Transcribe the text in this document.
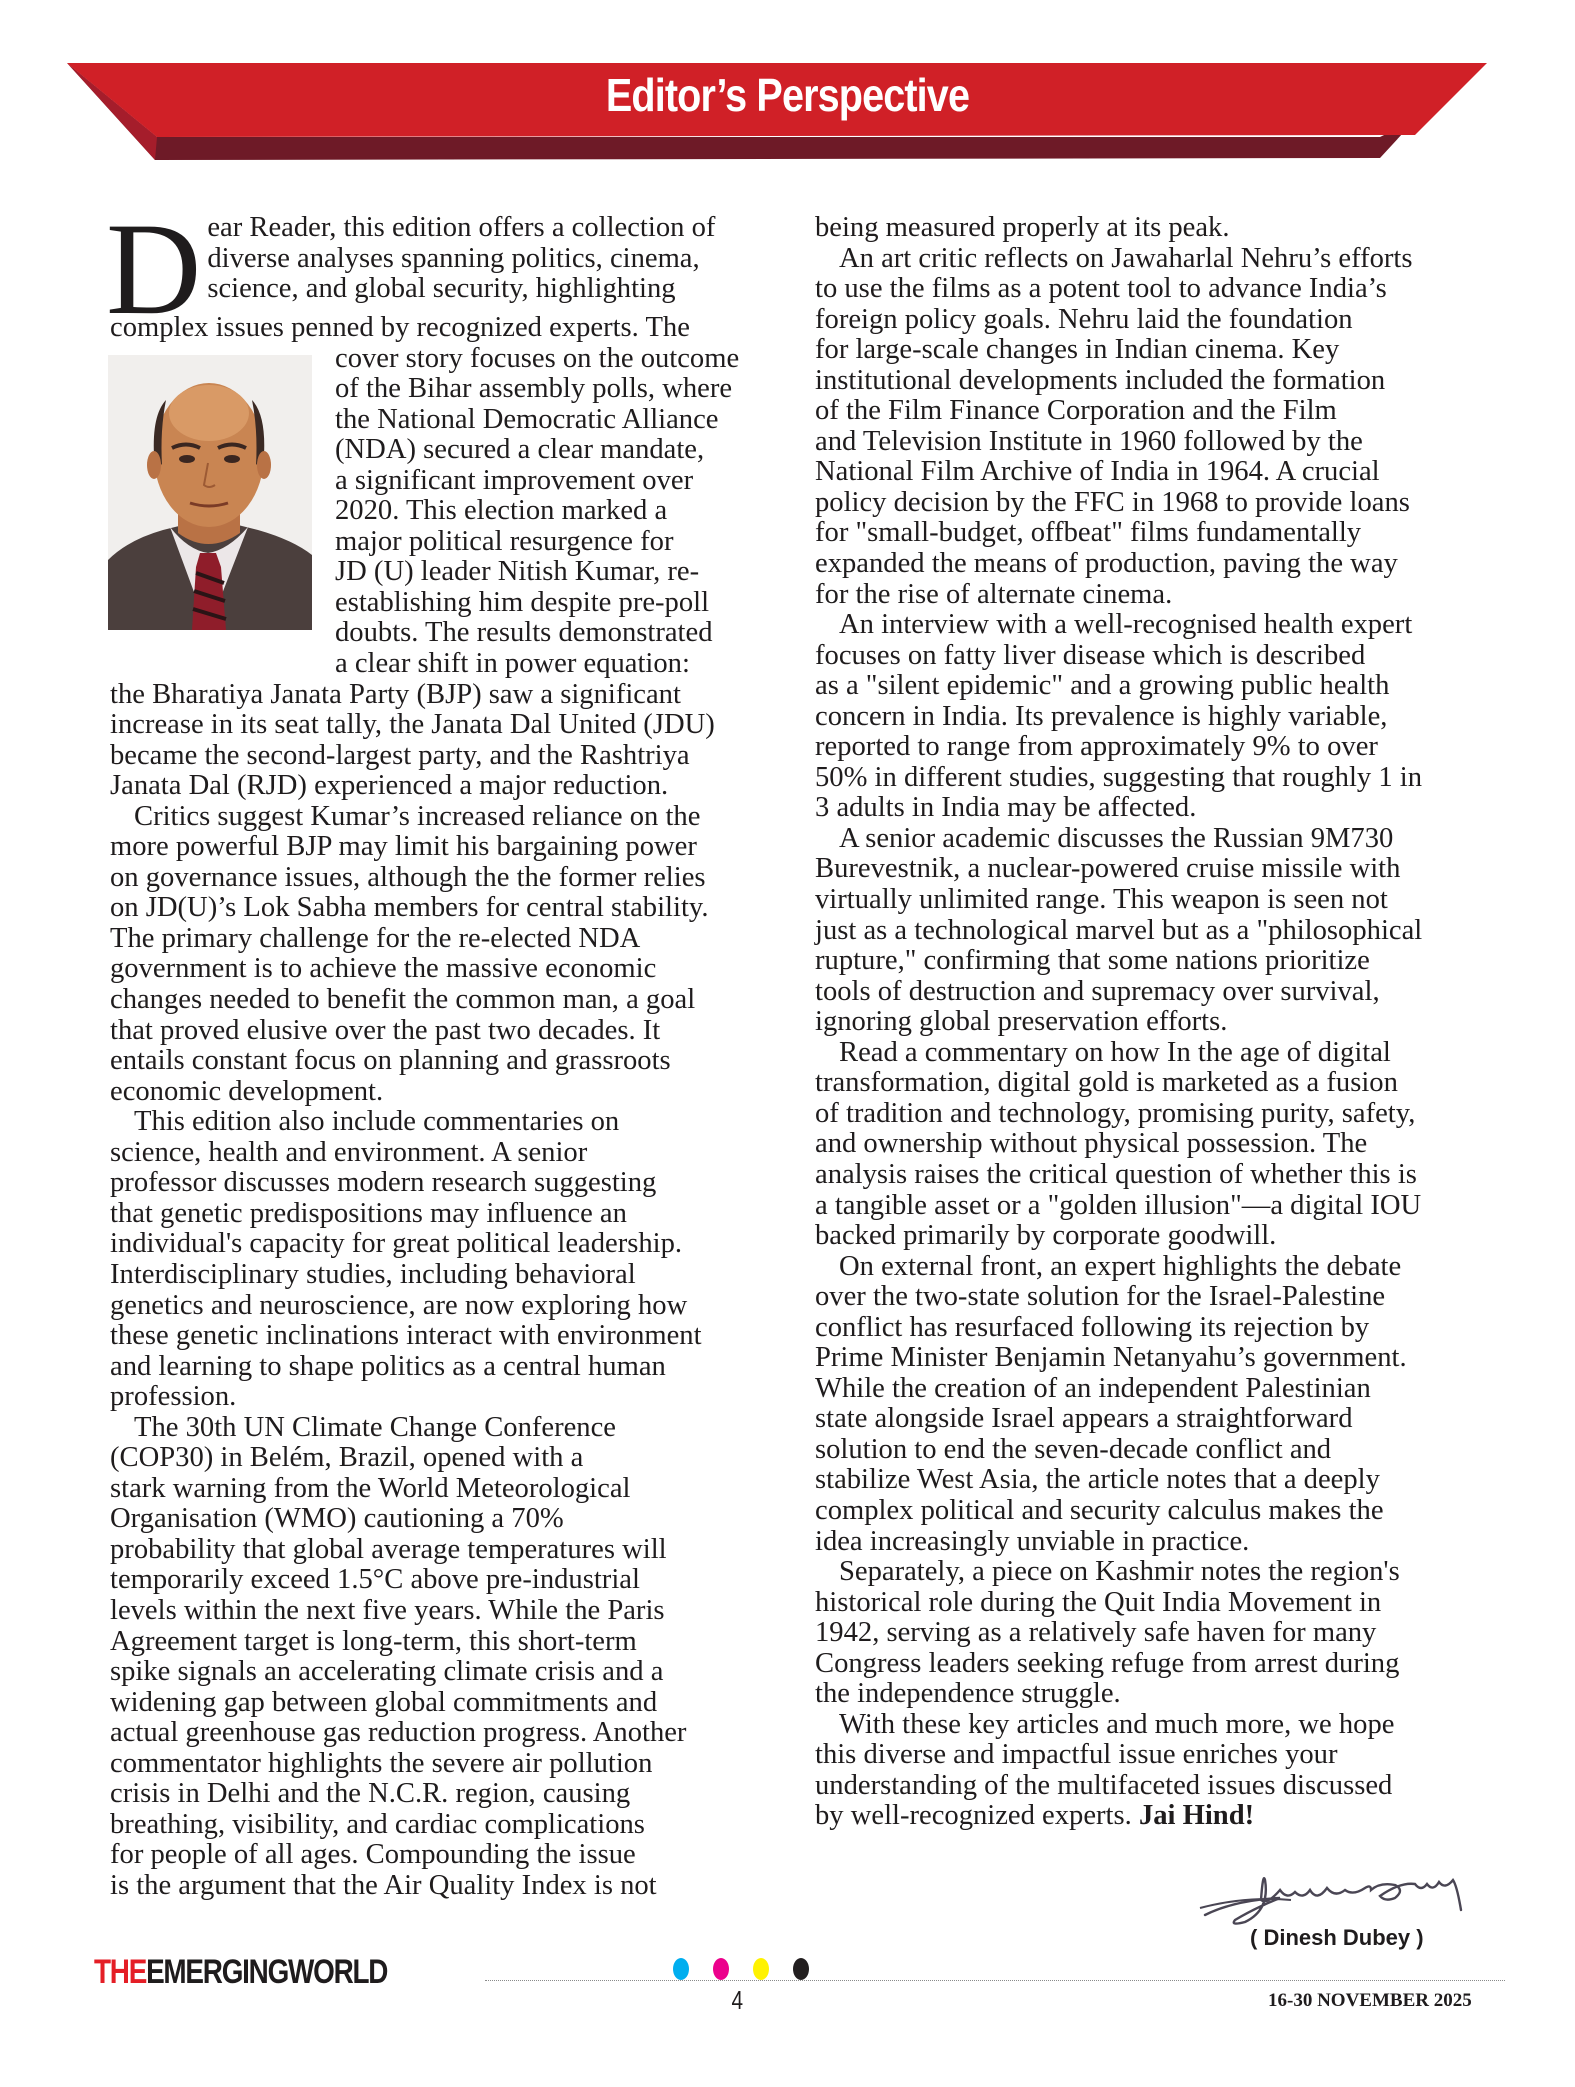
Editor’s Perspective
D ear Reader, this edition offers a collection of
diverse analyses spanning politics, cinema,
science, and global security, highlighting
complex issues penned by recognized experts. The
cover story focuses on the outcome
of the Bihar assembly polls, where
the National Democratic Alliance
(NDA) secured a clear mandate,
a significant improvement over
2020. This election marked a
major political resurgence for
JD (U) leader Nitish Kumar, re-
establishing him despite pre-poll
doubts. The results demonstrated
a clear shift in power equation:
the Bharatiya Janata Party (BJP) saw a significant
increase in its seat tally, the Janata Dal United (JDU)
became the second-largest party, and the Rashtriya
Janata Dal (RJD) experienced a major reduction.
Critics suggest Kumar’s increased reliance on the
more powerful BJP may limit his bargaining power
on governance issues, although the the former relies
on JD(U)’s Lok Sabha members for central stability.
The primary challenge for the re-elected NDA
government is to achieve the massive economic
changes needed to benefit the common man, a goal
that proved elusive over the past two decades. It
entails constant focus on planning and grassroots
economic development.
This edition also include commentaries on
science, health and environment. A senior
professor discusses modern research suggesting
that genetic predispositions may influence an
individual's capacity for great political leadership.
Interdisciplinary studies, including behavioral
genetics and neuroscience, are now exploring how
these genetic inclinations interact with environment
and learning to shape politics as a central human
profession.
The 30th UN Climate Change Conference
(COP30) in Belém, Brazil, opened with a
stark warning from the World Meteorological
Organisation (WMO) cautioning a 70%
probability that global average temperatures will
temporarily exceed 1.5°C above pre-industrial
levels within the next five years. While the Paris
Agreement target is long-term, this short-term
spike signals an accelerating climate crisis and a
widening gap between global commitments and
actual greenhouse gas reduction progress. Another
commentator highlights the severe air pollution
crisis in Delhi and the N.C.R. region, causing
breathing, visibility, and cardiac complications
for people of all ages. Compounding the issue
is the argument that the Air Quality Index is not
being measured properly at its peak.
An art critic reflects on Jawaharlal Nehru’s efforts
to use the films as a potent tool to advance India’s
foreign policy goals. Nehru laid the foundation
for large-scale changes in Indian cinema. Key
institutional developments included the formation
of the Film Finance Corporation and the Film
and Television Institute in 1960 followed by the
National Film Archive of India in 1964. A crucial
policy decision by the FFC in 1968 to provide loans
for "small-budget, offbeat" films fundamentally
expanded the means of production, paving the way
for the rise of alternate cinema.
An interview with a well-recognised health expert
focuses on fatty liver disease which is described
as a "silent epidemic" and a growing public health
concern in India. Its prevalence is highly variable,
reported to range from approximately 9% to over
50% in different studies, suggesting that roughly 1 in
3 adults in India may be affected.
A senior academic discusses the Russian 9M730
Burevestnik, a nuclear-powered cruise missile with
virtually unlimited range. This weapon is seen not
just as a technological marvel but as a "philosophical
rupture," confirming that some nations prioritize
tools of destruction and supremacy over survival,
ignoring global preservation efforts.
Read a commentary on how In the age of digital
transformation, digital gold is marketed as a fusion
of tradition and technology, promising purity, safety,
and ownership without physical possession. The
analysis raises the critical question of whether this is
a tangible asset or a "golden illusion"—a digital IOU
backed primarily by corporate goodwill.
On external front, an expert highlights the debate
over the two-state solution for the Israel-Palestine
conflict has resurfaced following its rejection by
Prime Minister Benjamin Netanyahu’s government.
While the creation of an independent Palestinian
state alongside Israel appears a straightforward
solution to end the seven-decade conflict and
stabilize West Asia, the article notes that a deeply
complex political and security calculus makes the
idea increasingly unviable in practice.
Separately, a piece on Kashmir notes the region's
historical role during the Quit India Movement in
1942, serving as a relatively safe haven for many
Congress leaders seeking refuge from arrest during
the independence struggle.
With these key articles and much more, we hope
this diverse and impactful issue enriches your
understanding of the multifaceted issues discussed
by well-recognized experts. Jai Hind!
( Dinesh Dubey )
THEEMERGINGWORLD
4	16-30 NOVEMBER 2025
